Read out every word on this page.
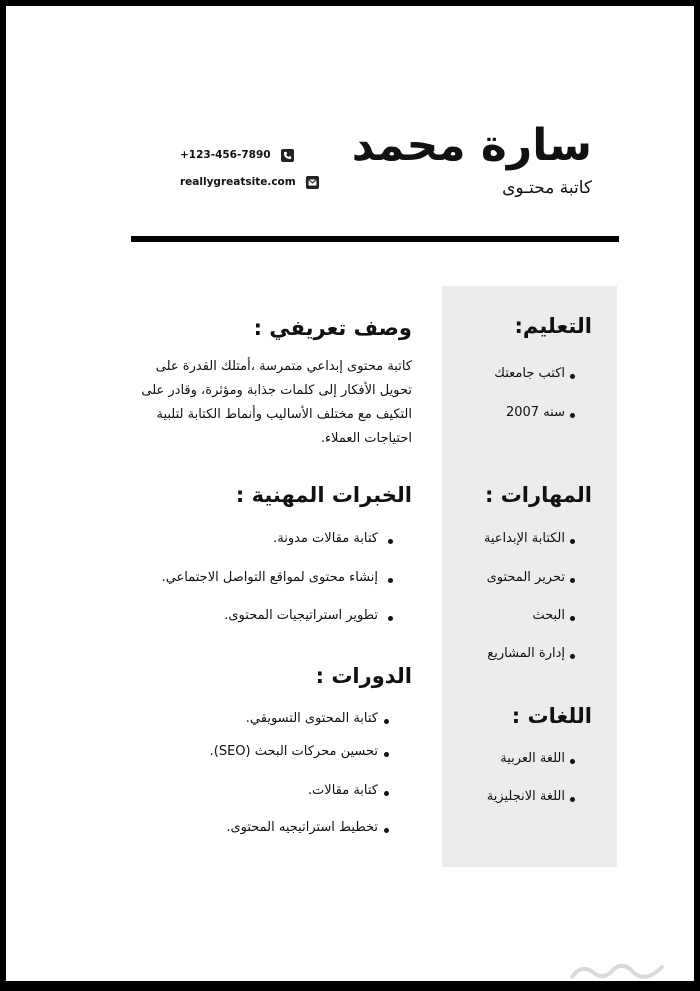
سارة محمد
كاتبة محتـوى
+123-456-7890
reallygreatsite.com
التعليم:
اكتب جامعتك
سنه 2007
المهارات :
الكتابة الإبداعية
تحرير المحتوى
البحث
إدارة المشاريع
اللغات :
اللغة العربية
اللغة الانجليزية
وصف تعريفي :
كاتبة محتوى إبداعي متمرسة ،أمتلك القدرة على
تحويل الأفكار إلى كلمات جذابة ومؤثرة، وقادر على
التكيف مع مختلف الأساليب وأنماط الكتابة لتلبية
احتياجات العملاء.
الخبرات المهنية :
كتابة مقالات مدونة.
إنشاء محتوى لمواقع التواصل الاجتماعي.
تطوير استراتيجيات المحتوى.
الدورات :
كتابة المحتوى التسويقي.
تحسين محركات البحث (SEO).
كتابة مقالات.
تخطيط استراتيجيه المحتوى.
